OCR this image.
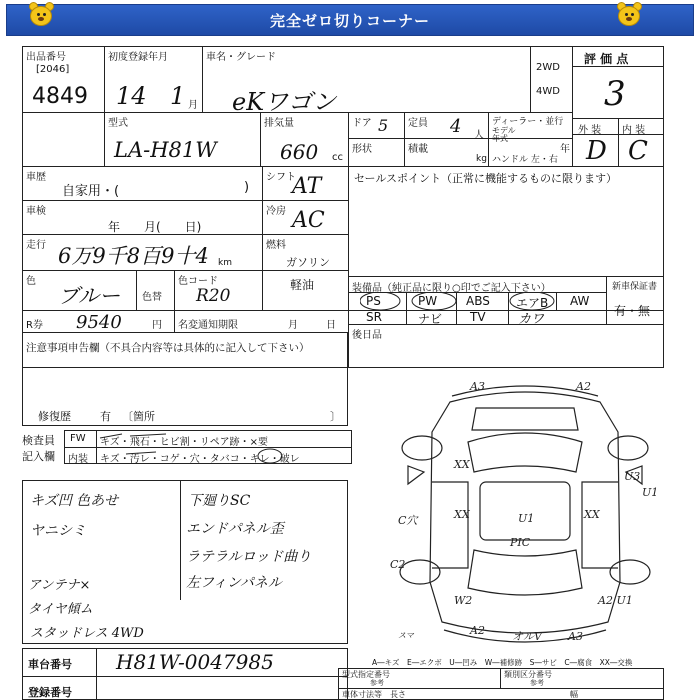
完全ゼロ切りコーナー
出品番号
[2046]
4849
初度登録年月
14 1 月
車名・グレード
eKワゴン
2WD
4WD
評 価 点
3
型式
LA-H81W
排気量
660 cc
ドア 5 定員 4 人
ディーラー・並行
モデル年式
年
形状	積載
kg ハンドル 左・右
外 装 内 装
D C
車歴
自家用・(	)
シフト
AT	セールスポイント（正常に機能するものに限ります）
車検
年　　月(　　日)
冷房 AC
走行 6万9千8百9十4 km
燃料
ガソリン
軽油
色
ブルー 色替
色コード
R20	装備品（純正品に限り○印でご記入下さい）	新車保証書
PS	PW ABS エアB AW
SR	ナビ TV カワ
有・無
R券 9540	円 名変通知期限	月	日
後日品
注意事項申告欄（不具合内容等は具体的に記入して下さい）
修復歴	有 〔箇所	〕
検査員
記入欄
FW キズ・飛石・ヒビ割・リペア跡・×要
内装 キズ・汚レ・コゲ・穴・タバコ・キレ・破レ
キズ凹 色あせ
ヤニシミ
アンテナ×
タイヤ傾ム
スタッドレス 4WD
下廻りSC
エンドパネル歪
ラテラルロッド曲り
左フィンパネル
車台番号 H81W-0047985
登録番号
A3	A2
XX
XX	XX
U1
C穴
U3
U1
PIC
C2
W2	A2 U1
A2 オルV A3
スマ
A―キズ　E―エクボ　U―凹み　W―補修跡　S―サビ　C―腐食　XX―交換
型式指定番号	類別区分番号
参考	参考
車体寸法等 長さ	幅
